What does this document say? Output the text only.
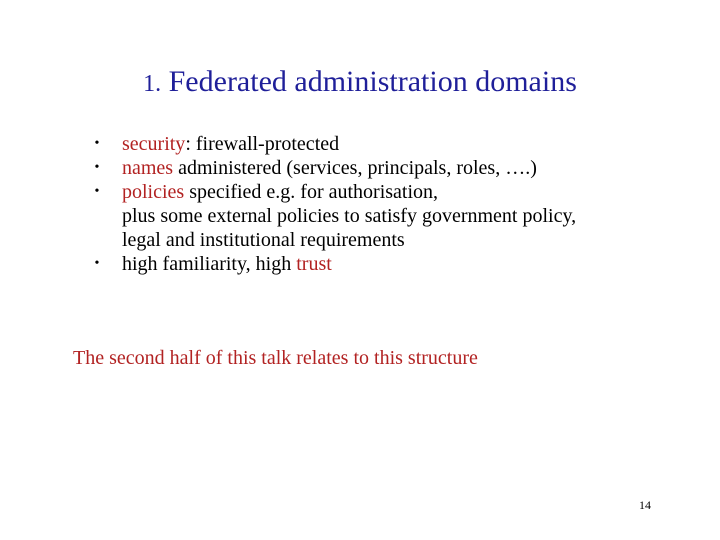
1. Federated administration domains
•	security: firewall-protected
•	names administered (services, principals, roles, ….)
•	policies specified e.g. for authorisation,
plus some external policies to satisfy government policy,
legal and institutional requirements
•	high familiarity, high trust
The second half of this talk relates to this structure
14
